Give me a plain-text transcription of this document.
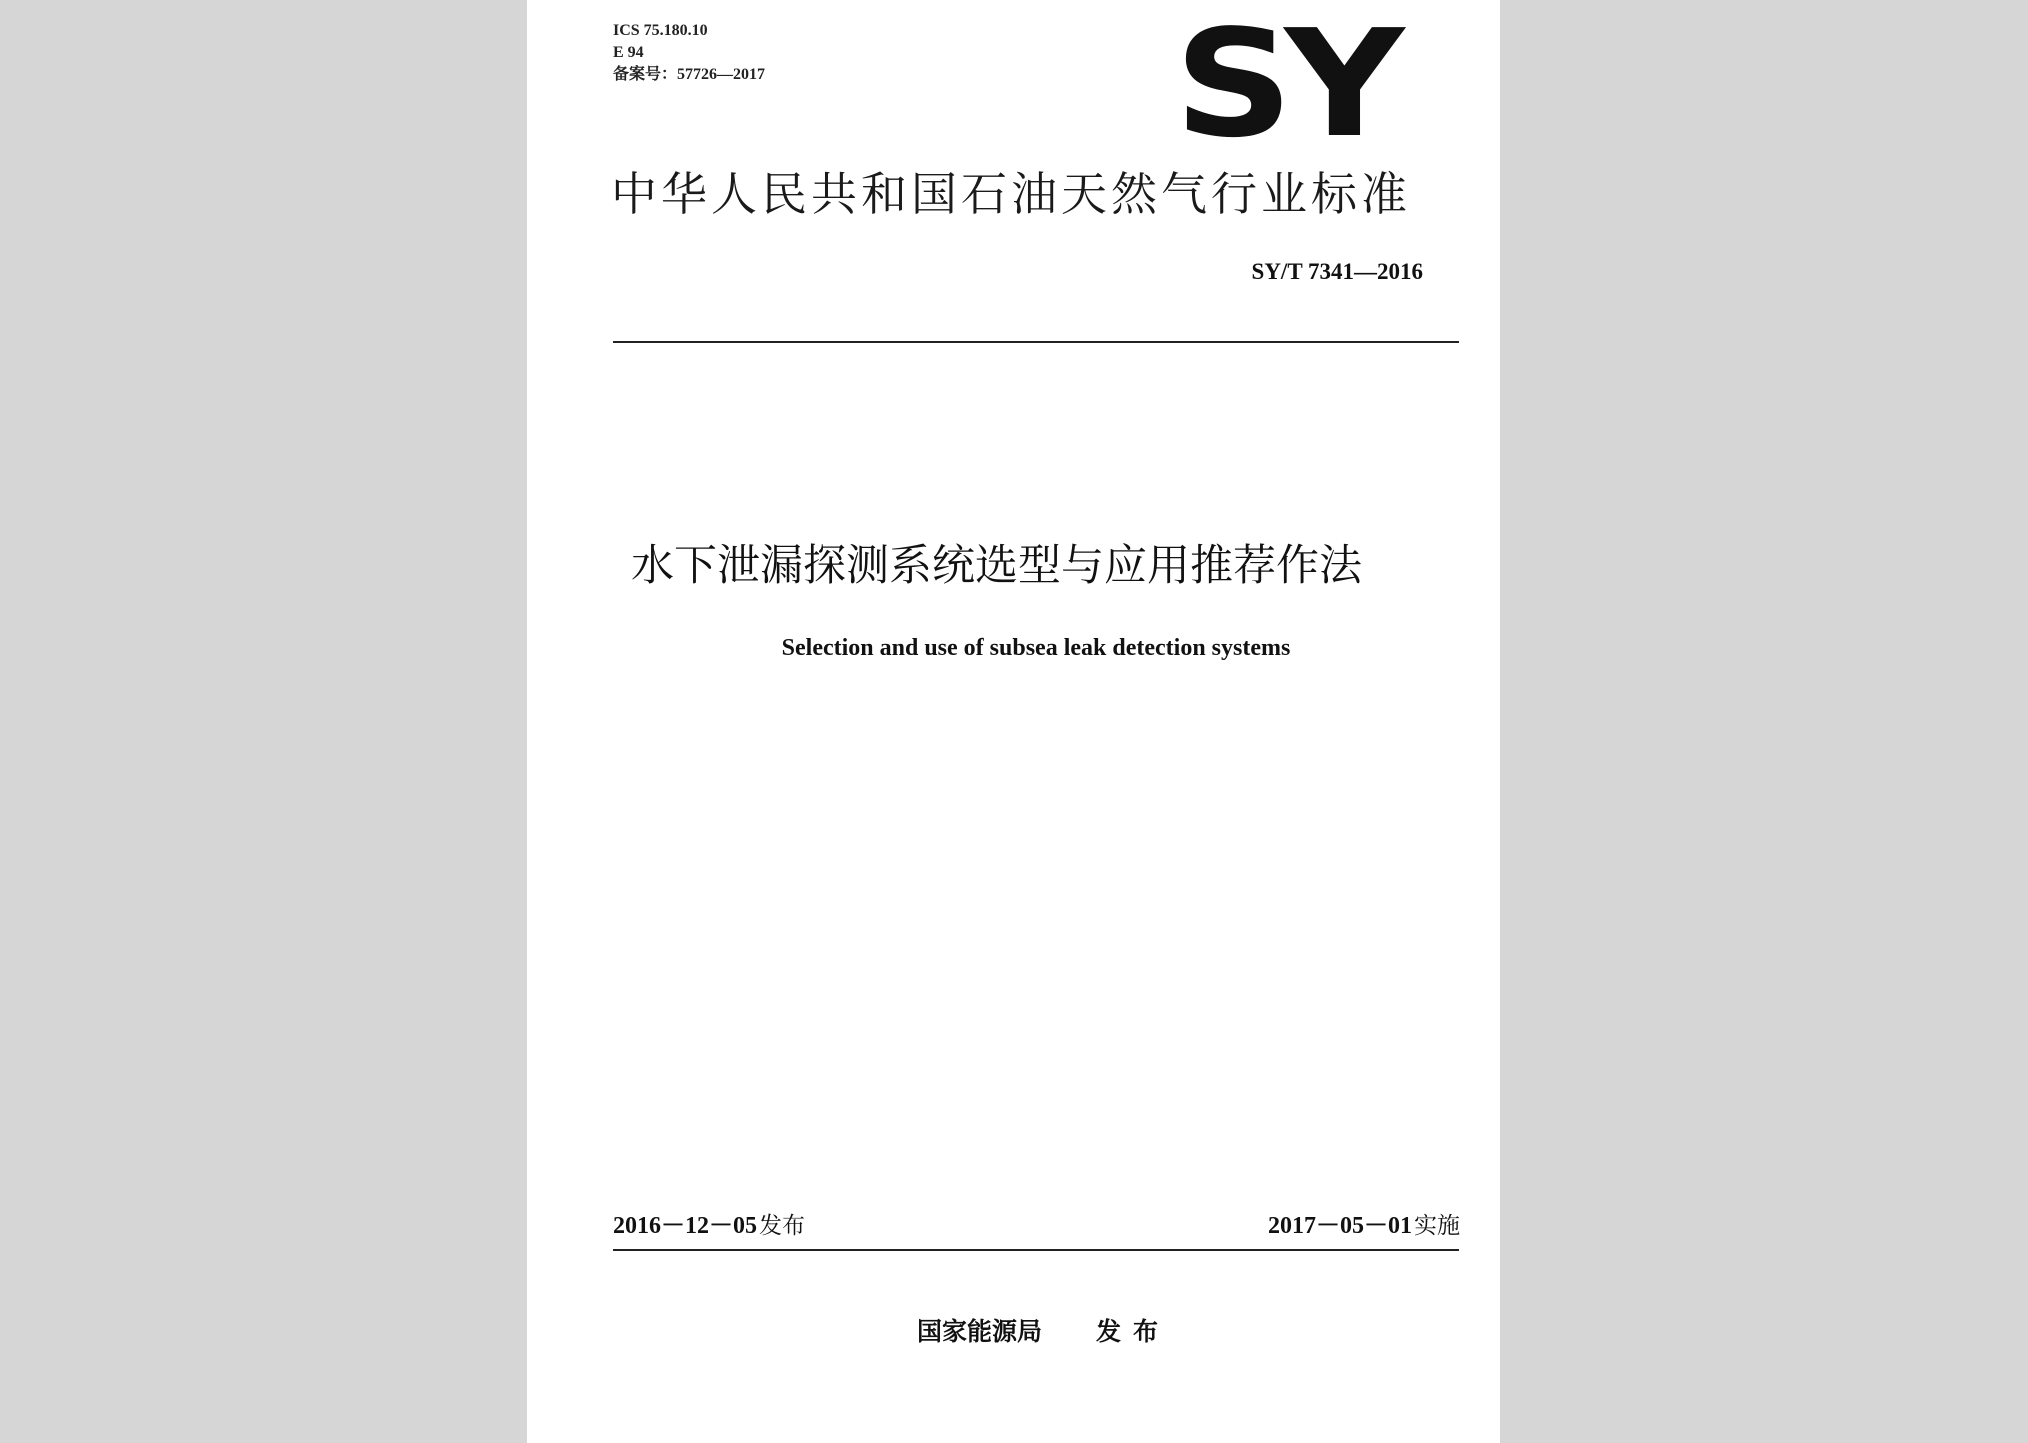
ICS 75.180.10
E 94
备案号：57726—2017	SY
中华人民共和国石油天然气行业标准
SY/T 7341—2016
水下泄漏探测系统选型与应用推荐作法
Selection and use of subsea leak detection systems
2016－12－05发布	2017－05－01实施
国家能源局 发布
